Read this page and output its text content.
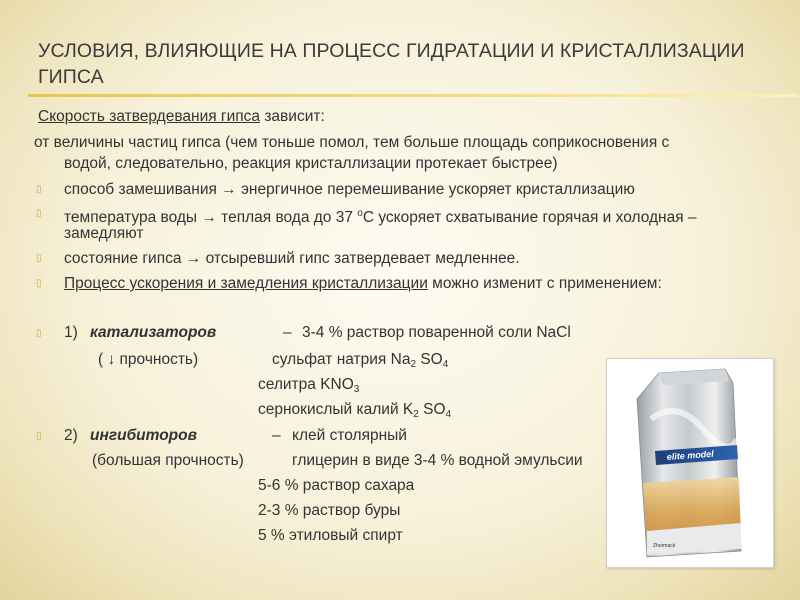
УСЛОВИЯ, ВЛИЯЮЩИЕ НА ПРОЦЕСС ГИДРАТАЦИИ И КРИСТАЛЛИЗАЦИИ ГИПСА
Скорость затвердевания гипса зависит:
от величины частиц гипса (чем тоньше помол, тем больше площадь соприкосновения с
водой, следовательно, реакция кристаллизации протекает быстрее)
▯ способ замешивания → энергичное перемешивание ускоряет кристаллизацию
▯ температура воды → теплая вода до 37 $^o$C ускоряет схватывание горячая и холодная –
замедляют
▯ состояние гипса → отсыревший гипс затвердевает медленнее.
▯ Процесс ускорения и замедления кристаллизации можно изменит с применением:
▯ 1) катализаторов	– 3-4 % раствор поваренной соли NaCl
( ↓ прочность)	сульфат натрия $Na_2$ $SO_4$
селитра $KNO_3$
сернокислый калий $K_2$ $SO_4$
▯ 2) ингибиторов	– клей столярный
(большая прочность)	глицерин в виде 3-4 % водной эмульсии
5-6 % раствор сахара
2-3 % раствор буры
5 % этиловый спирт
elite model
Zhermack
